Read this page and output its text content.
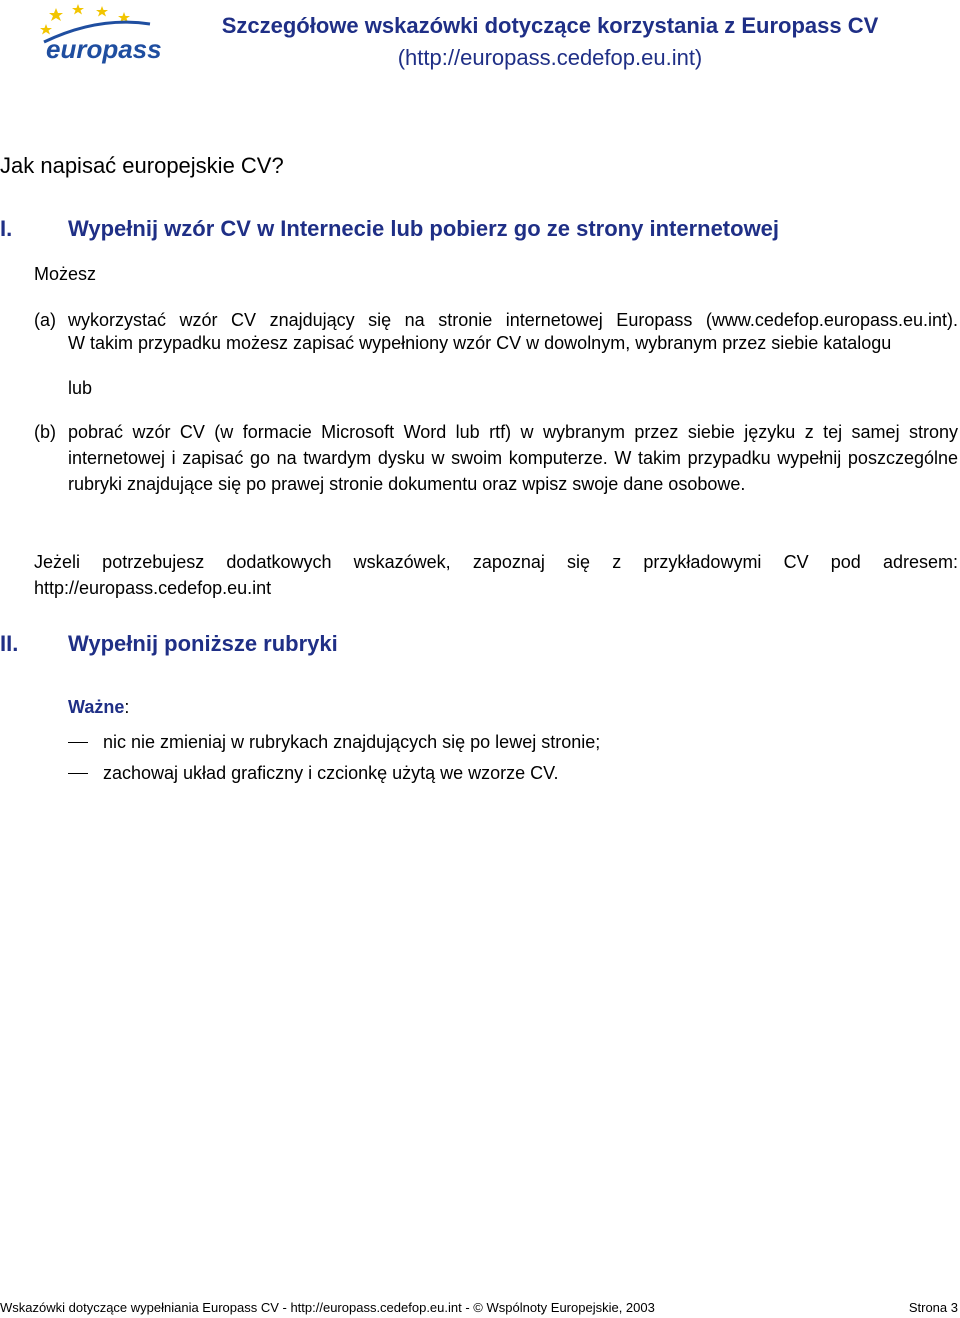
europass
Szczegółowe wskazówki dotyczące korzystania z Europass CV
(http://europass.cedefop.eu.int)
Jak napisać europejskie CV?
I.	Wypełnij wzór CV w Internecie lub pobierz go ze strony internetowej
Możesz
(a) wykorzystać wzór CV znajdujący się na stronie internetowej Europass (www.cedefop.europass.eu.int).
W takim przypadku możesz zapisać wypełniony wzór CV w dowolnym, wybranym przez siebie katalogu
lub
(b) pobrać wzór CV (w formacie Microsoft Word lub rtf) w wybranym przez siebie języku z tej samej strony internetowej i zapisać go na twardym dysku w swoim komputerze. W takim przypadku wypełnij poszczególne rubryki znajdujące się po prawej stronie dokumentu oraz wpisz swoje dane osobowe.
Jeżeli potrzebujesz dodatkowych wskazówek, zapoznaj się z przykładowymi CV pod adresem:
http://europass.cedefop.eu.int
II. Wypełnij poniższe rubryki
Ważne:
nic nie zmieniaj w rubrykach znajdujących się po lewej stronie;
zachowaj układ graficzny i czcionkę użytą we wzorze CV.
Wskazówki dotyczące wypełniania Europass CV - http://europass.cedefop.eu.int - © Wspólnoty Europejskie, 2003	Strona 3
